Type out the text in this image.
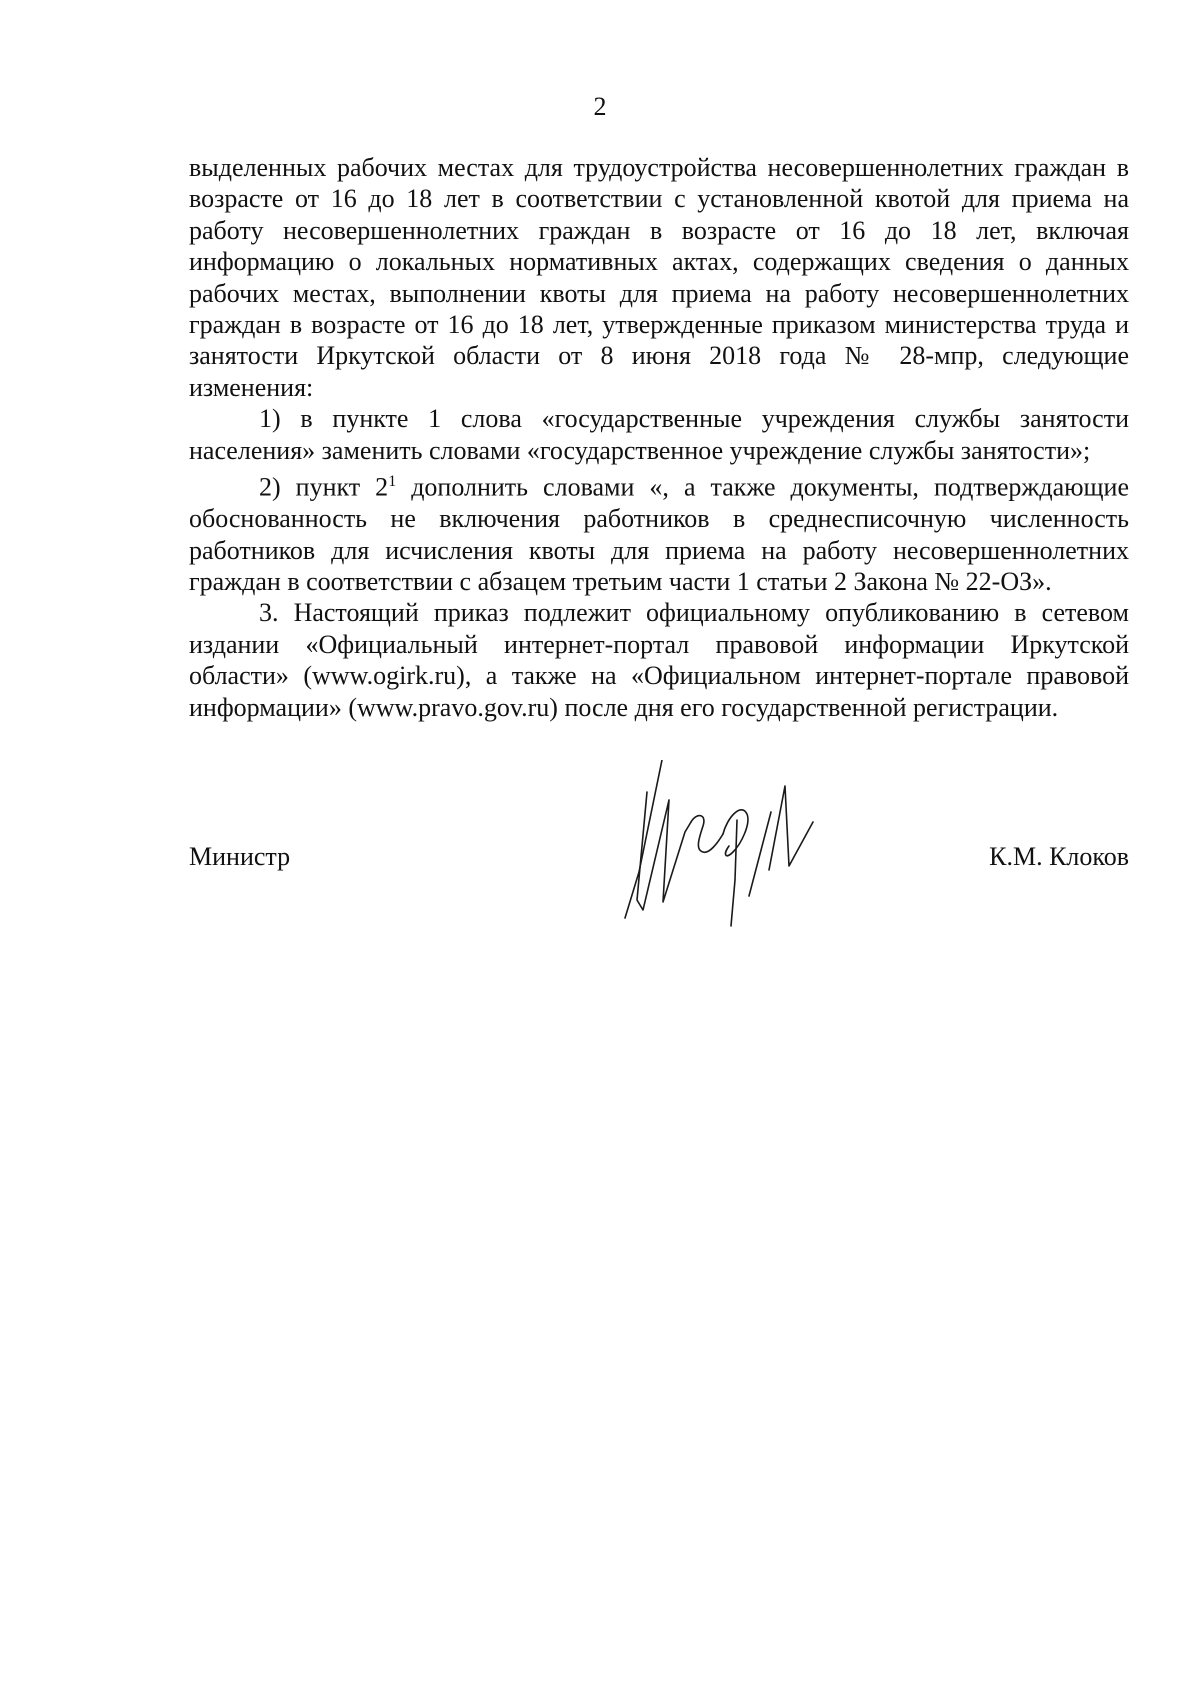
2

выделенных рабочих местах для трудоустройства несовершеннолетних граждан в возрасте от 16 до 18 лет в соответствии с установленной квотой для приема на работу несовершеннолетних граждан в возрасте от 16 до 18 лет, включая информацию о локальных нормативных актах, содержащих сведения о данных рабочих местах, выполнении квоты для приема на работу несовершеннолетних граждан в возрасте от 16 до 18 лет, утвержденные приказом министерства труда и занятости Иркутской области от 8 июня 2018 года № 28-мпр, следующие изменения:

1) в пункте 1 слова «государственные учреждения службы занятости населения» заменить словами «государственное учреждение службы занятости»;

2) пункт $2^1$ дополнить словами «, а также документы, подтверждающие обоснованность не включения работников в среднесписочную численность работников для исчисления квоты для приема на работу несовершеннолетних граждан в соответствии с абзацем третьим части 1 статьи 2 Закона № 22-ОЗ».

3. Настоящий приказ подлежит официальному опубликованию в сетевом издании «Официальный интернет-портал правовой информации Иркутской области» (www.ogirk.ru), а также на «Официальном интернет-портале правовой информации» (www.pravo.gov.ru) после дня его государственной регистрации.

Министр	К.М. Клоков
